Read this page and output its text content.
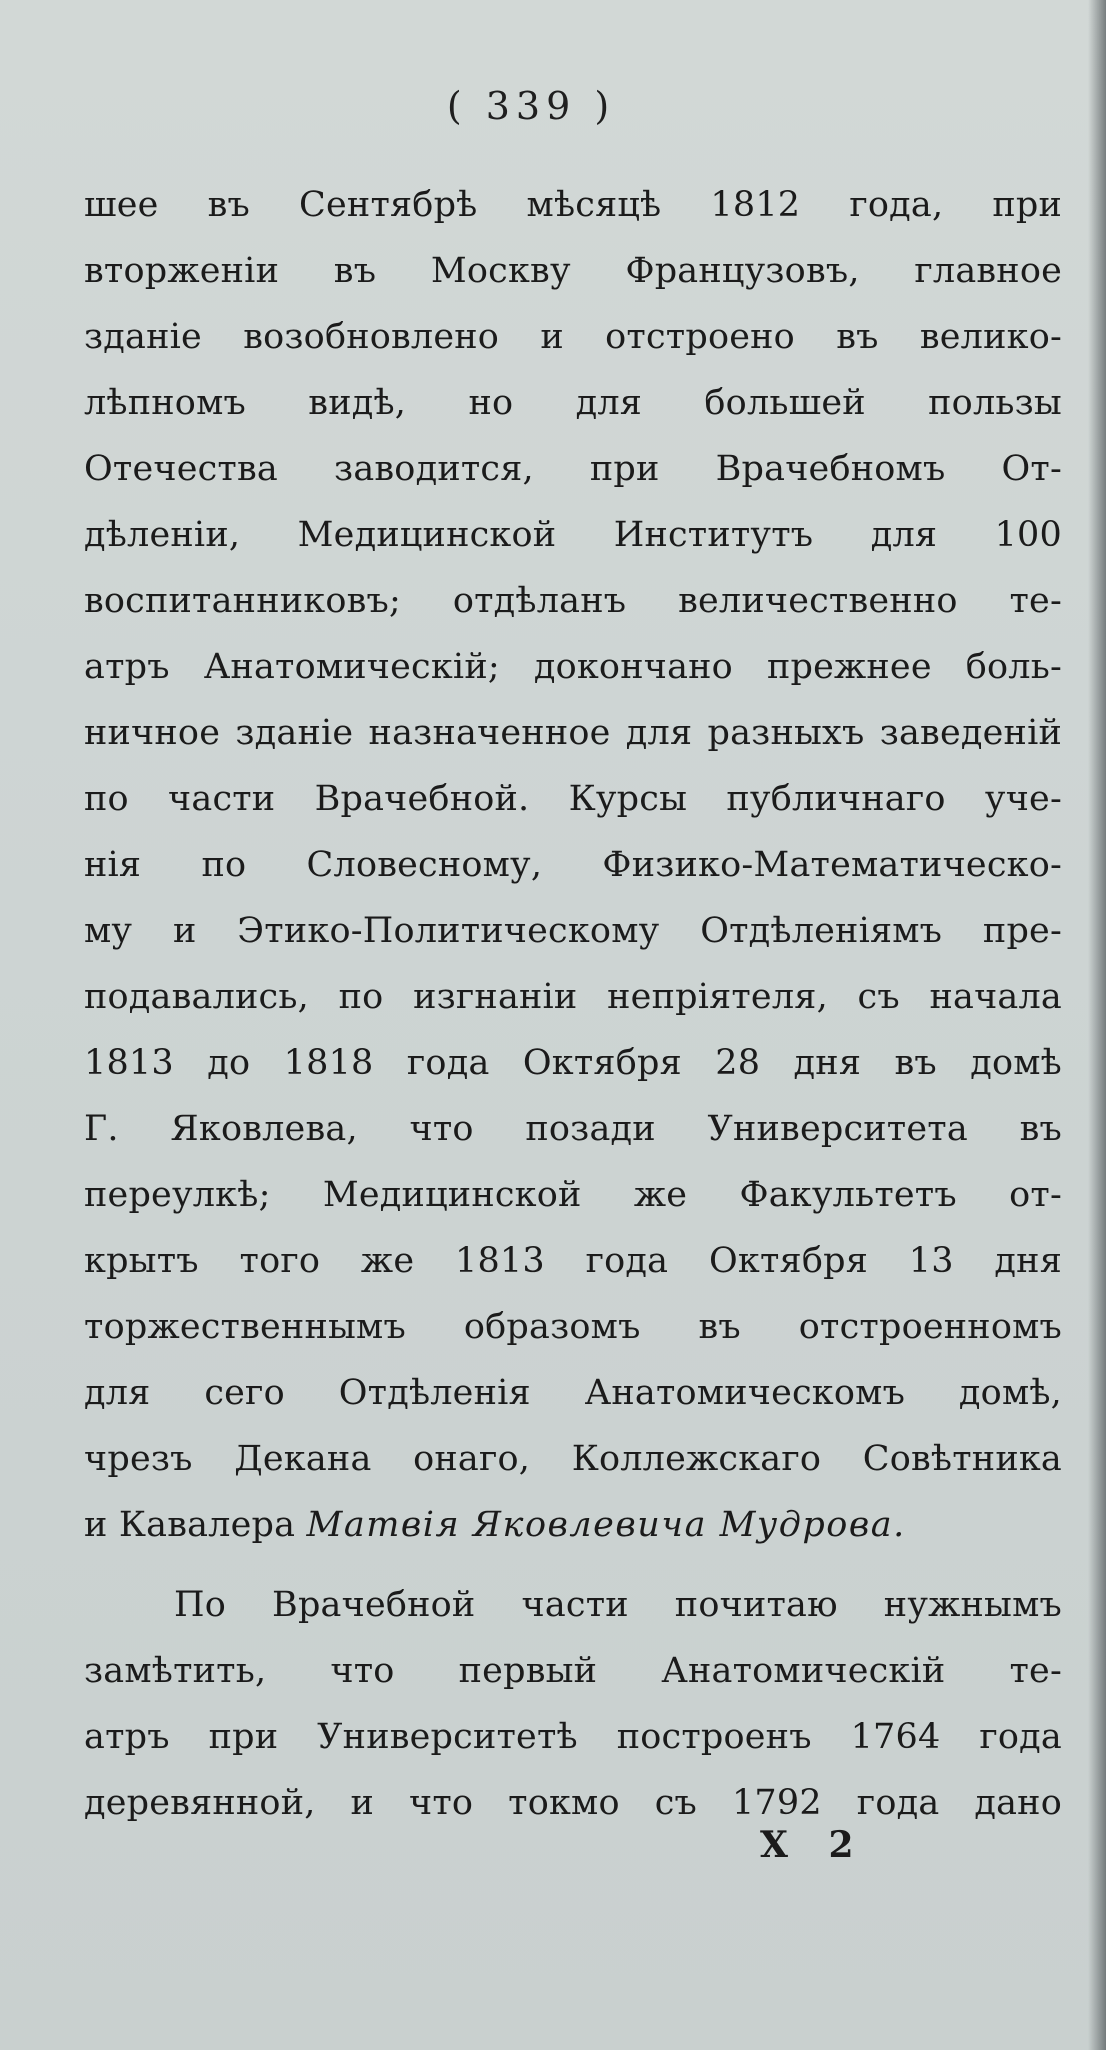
( 339 )
шее въ Сентябрѣ мѣсяцѣ 1812 года, при
вторженіи въ Москву Французовъ, главное
зданіе возобновлено и отстроено въ велико-
лѣпномъ видѣ, но для большей пользы
Отечества заводится, при Врачебномъ От-
дѣленіи, Медицинской Институтъ для 100
воспитанниковъ; отдѣланъ величественно те-
атръ Анатомическій; докончано прежнее боль-
ничное зданіе назначенное для разныхъ заведеній
по части Врачебной. Курсы публичнаго уче-
нія по Словесному, Физико-Математическо-
му и Этико-Политическому Отдѣленіямъ пре-
подавались, по изгнаніи непріятеля, съ начала
1813 до 1818 года Октября 28 дня въ домѣ
Г. Яковлева, что позади Университета въ
переулкѣ; Медицинской же Факультетъ от-
крытъ того же 1813 года Октября 13 дня
торжественнымъ образомъ въ отстроенномъ
для сего Отдѣленія Анатомическомъ домѣ,
чрезъ Декана онаго, Коллежскаго Совѣтника
и Кавалера Матвія Яковлевича Мудрова.
По Врачебной части почитаю нужнымъ
замѣтить, что первый Анатомическій те-
атръ при Университетѣ построенъ 1764 года
деревянной, и что токмо съ 1792 года дано
X 2
